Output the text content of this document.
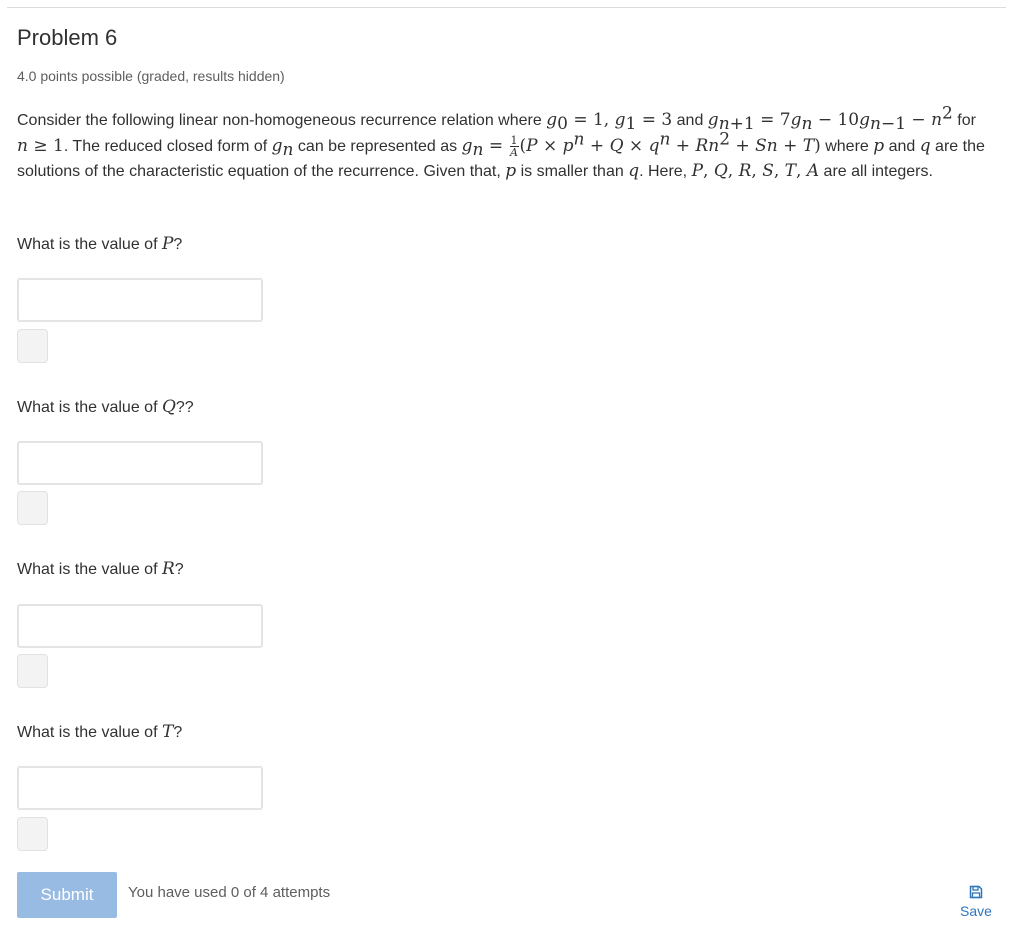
Problem 6
4.0 points possible (graded, results hidden)

Consider the following linear non-homogeneous recurrence relation where $g_0 = 1$, $g_1 = 3$ and $g_{n+1} = 7g_n - 10g_{n-1} - n^2$ for
n ≥ 1. The reduced closed form of $g_n$ can be represented as $g_n = \frac{1}{A} (P \times p^n + Q \times q^n + Rn^2 + Sn + T)$ where p and q are the solutions of the characteristic equation of the recurrence. Given that, p is smaller than q. Here, P, Q, R, S, T, A are all integers.

What is the value of P?
What is the value of Q??
What is the value of R?
What is the value of T?
Submit	You have used 0 of 4 attempts
Save
